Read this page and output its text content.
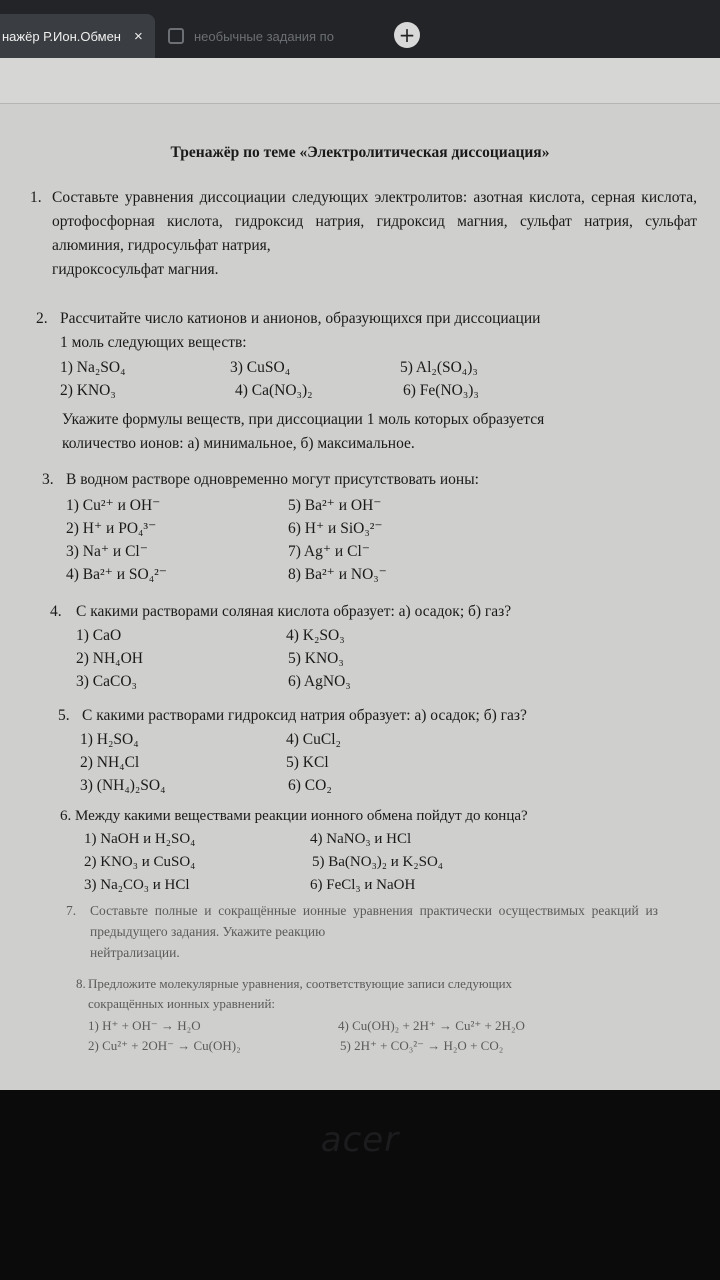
нажёр Р.Ион.Обмен ×	необычные задания по	+
Тренажёр по теме «Электролитическая диссоциация»
1. Составьте уравнения диссоциации следующих электролитов: азотная кислота, серная кислота, ортофосфорная кислота, гидроксид натрия, гидроксид магния, сульфат натрия, сульфат алюминия, гидросульфат натрия,
гидроксосульфат магния.
2. Рассчитайте число катионов и анионов, образующихся при диссоциации
1 моль следующих веществ:
1) Na₂SO₄	3) CuSO₄	5) Al₂(SO₄)₃
2) KNO₃	4) Ca(NO₃)₂	6) Fe(NO₃)₃
Укажите формулы веществ, при диссоциации 1 моль которых образуется
количество ионов: а) минимальное, б) максимальное.
3. В водном растворе одновременно могут присутствовать ионы:
1) Cu²⁺ и OH⁻	5) Ba²⁺ и OH⁻
2) H⁺ и PO₄³⁻	6) H⁺ и SiO₃²⁻
3) Na⁺ и Cl⁻	7) Ag⁺ и Cl⁻
4) Ba²⁺ и SO₄²⁻	8) Ba²⁺ и NO₃⁻
4. С какими растворами соляная кислота образует: а) осадок; б) газ?
1) CaO	4) K₂SO₃
2) NH₄OH	5) KNO₃
3) CaCO₃	6) AgNO₃
5. С какими растворами гидроксид натрия образует: а) осадок; б) газ?
1) H₂SO₄	4) CuCl₂
2) NH₄Cl	5) KCl
3) (NH₄)₂SO₄	6) CO₂
6. Между какими веществами реакции ионного обмена пойдут до конца?
1) NaOH и H₂SO₄	4) NaNO₃ и HCl
2) KNO₃ и CuSO₄	5) Ba(NO₃)₂ и K₂SO₄
3) Na₂CO₃ и HCl	6) FeCl₃ и NaOH
7. Составьте полные и сокращённые ионные уравнения практически осуществимых реакций из предыдущего задания. Укажите реакцию
нейтрализации.
8. Предложите молекулярные уравнения, соответствующие записи следующих
сокращённых ионных уравнений:
1) H⁺ + OH⁻ → H₂O	4) Cu(OH)₂ + 2H⁺ → Cu²⁺ + 2H₂O
2) Cu²⁺ + 2OH⁻ → Cu(OH)₂	5) 2H⁺ + CO₃²⁻ → H₂O + CO₂
acer
